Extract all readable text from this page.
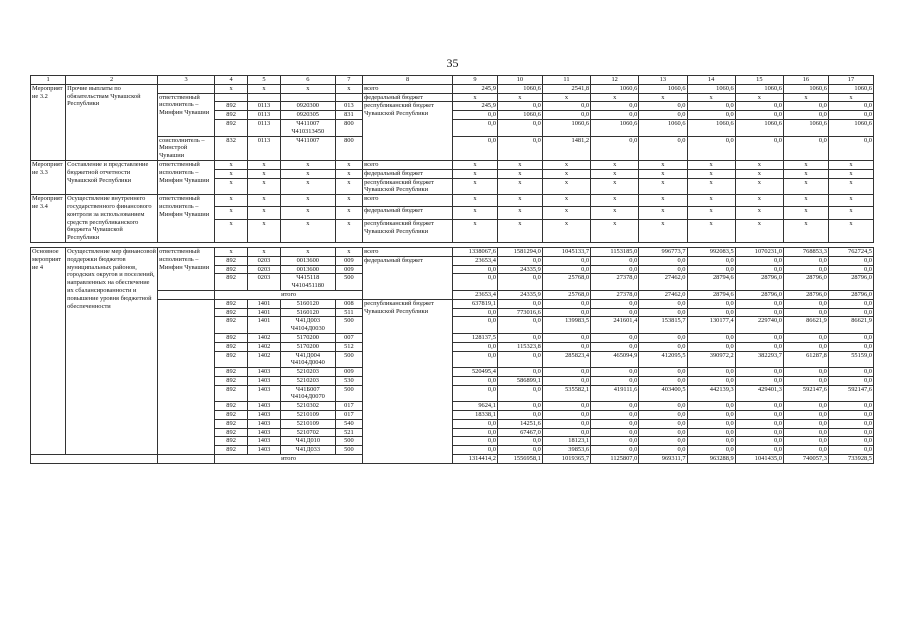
35
1	2	3	4	5	6	7	8	9	10	11	12	13	14	15	16	17
Мероприятие 3.2	Прочие выплаты по обязательствам Чувашской Республики		x	x	x	x	всего	245,9	1060,6	2541,8	1060,6	1060,6	1060,6	1060,6	1060,6	1060,6
		ответственный исполнитель – Минфин Чувашии					федеральный бюджет	x	x	x	x	x	x	x	x	x
			892	0113	0920300	013	республиканский бюджет Чувашской Республики	245,9	0,0	0,0	0,0	0,0	0,0	0,0	0,0	0,0
			892	0113	0920305	831		0,0	1060,6	0,0	0,0	0,0	0,0	0,0	0,0	0,0
			892	0113	Ч411007 Ч410313450	800		0,0	0,0	1060,6	1060,6	1060,6	1060,6	1060,6	1060,6	1060,6
		соисполнитель – Минстрой Чувашии	832	0113	Ч411007	800		0,0	0,0	1481,2	0,0	0,0	0,0	0,0	0,0	0,0
Мероприятие 3.3	Составление и представление бюджетной отчетности Чувашской Республики	ответственный исполнитель – Минфин Чувашии	x	x	x	x	всего	x	x	x	x	x	x	x	x	x
			x	x	x	x	федеральный бюджет	x	x	x	x	x	x	x	x	x
			x	x	x	x	республиканский бюджет Чувашской Республики	x	x	x	x	x	x	x	x	x
Мероприятие 3.4	Осуществление внутреннего государственного финансового контроля за использованием средств республиканского бюджета Чувашской Республики	ответственный исполнитель – Минфин Чувашии	x	x	x	x	всего	x	x	x	x	x	x	x	x	x
			x	x	x	x	федеральный бюджет	x	x	x	x	x	x	x	x	x
			x	x	x	x	республиканский бюджет Чувашской Республики	x	x	x	x	x	x	x	x	x

Основное мероприятие 4	Осуществление мер финансовой поддержки бюджетов муниципальных районов, городских округов и поселений, направленных на обеспечение их сбалансированности и повышение уровня бюджетной обеспеченности	ответственный исполнитель – Минфин Чувашии	x	x	x	x	всего	1338067,6	1581294,0	1045133,7	1153185,0	996773,7	992083,5	1070231,0	768853,3	762724,5
			892	0203	0013600	009	федеральный бюджет	23653,4	0,0	0,0	0,0	0,0	0,0	0,0	0,0	0,0
			892	0203	0013600	009		0,0	24335,9	0,0	0,0	0,0	0,0	0,0	0,0	0,0
			892	0203	Ч415118 Ч410451180	500		0,0	0,0	25768,0	27378,0	27462,0	28794,6	28796,0	28796,0	28796,0
			итого					23653,4	24335,9	25768,0	27378,0	27462,0	28794,6	28796,0	28796,0	28796,0
			892	1401	5160120	008	республиканский бюджет Чувашской Республики	637819,1	0,0	0,0	0,0	0,0	0,0	0,0	0,0	0,0
			892	1401	5160120	511		0,0	773016,6	0,0	0,0	0,0	0,0	0,0	0,0	0,0
			892	1401	Ч41Д003 Ч4104Д0030	500		0,0	0,0	139983,5	241601,4	153815,7	130177,4	229740,0	86621,9	86621,9
			892	1402	5170200	007		128137,5	0,0	0,0	0,0	0,0	0,0	0,0	0,0	0,0
			892	1402	5170200	512		0,0	115323,8	0,0	0,0	0,0	0,0	0,0	0,0	0,0
			892	1402	Ч41Д004 Ч4104Д0040	500		0,0	0,0	285823,4	465094,9	412095,5	390972,2	382293,7	61287,8	55159,0
			892	1403	5210203	009		520495,4	0,0	0,0	0,0	0,0	0,0	0,0	0,0	0,0
			892	1403	5210203	530		0,0	586899,1	0,0	0,0	0,0	0,0	0,0	0,0	0,0
			892	1403	Ч41Б007 Ч4104Д0070	500		0,0	0,0	535582,1	419111,6	403400,5	442139,3	429401,3	592147,6	592147,6
			892	1403	5210302	017		9624,1	0,0	0,0	0,0	0,0	0,0	0,0	0,0	0,0
			892	1403	5210109	017		18338,1	0,0	0,0	0,0	0,0	0,0	0,0	0,0	0,0
			892	1403	5210109	540		0,0	14251,6	0,0	0,0	0,0	0,0	0,0	0,0	0,0
			892	1403	5210702	521		0,0	67467,0	0,0	0,0	0,0	0,0	0,0	0,0	0,0
			892	1403	Ч41Д010	500		0,0	0,0	18123,1	0,0	0,0	0,0	0,0	0,0	0,0
			892	1403	Ч41Д033	500		0,0	0,0	39853,6	0,0	0,0	0,0	0,0	0,0	0,0
			итого					1314414,2	1556958,1	1019365,7	1125807,0	969311,7	963288,9	1041435,0	740057,3	733928,5
